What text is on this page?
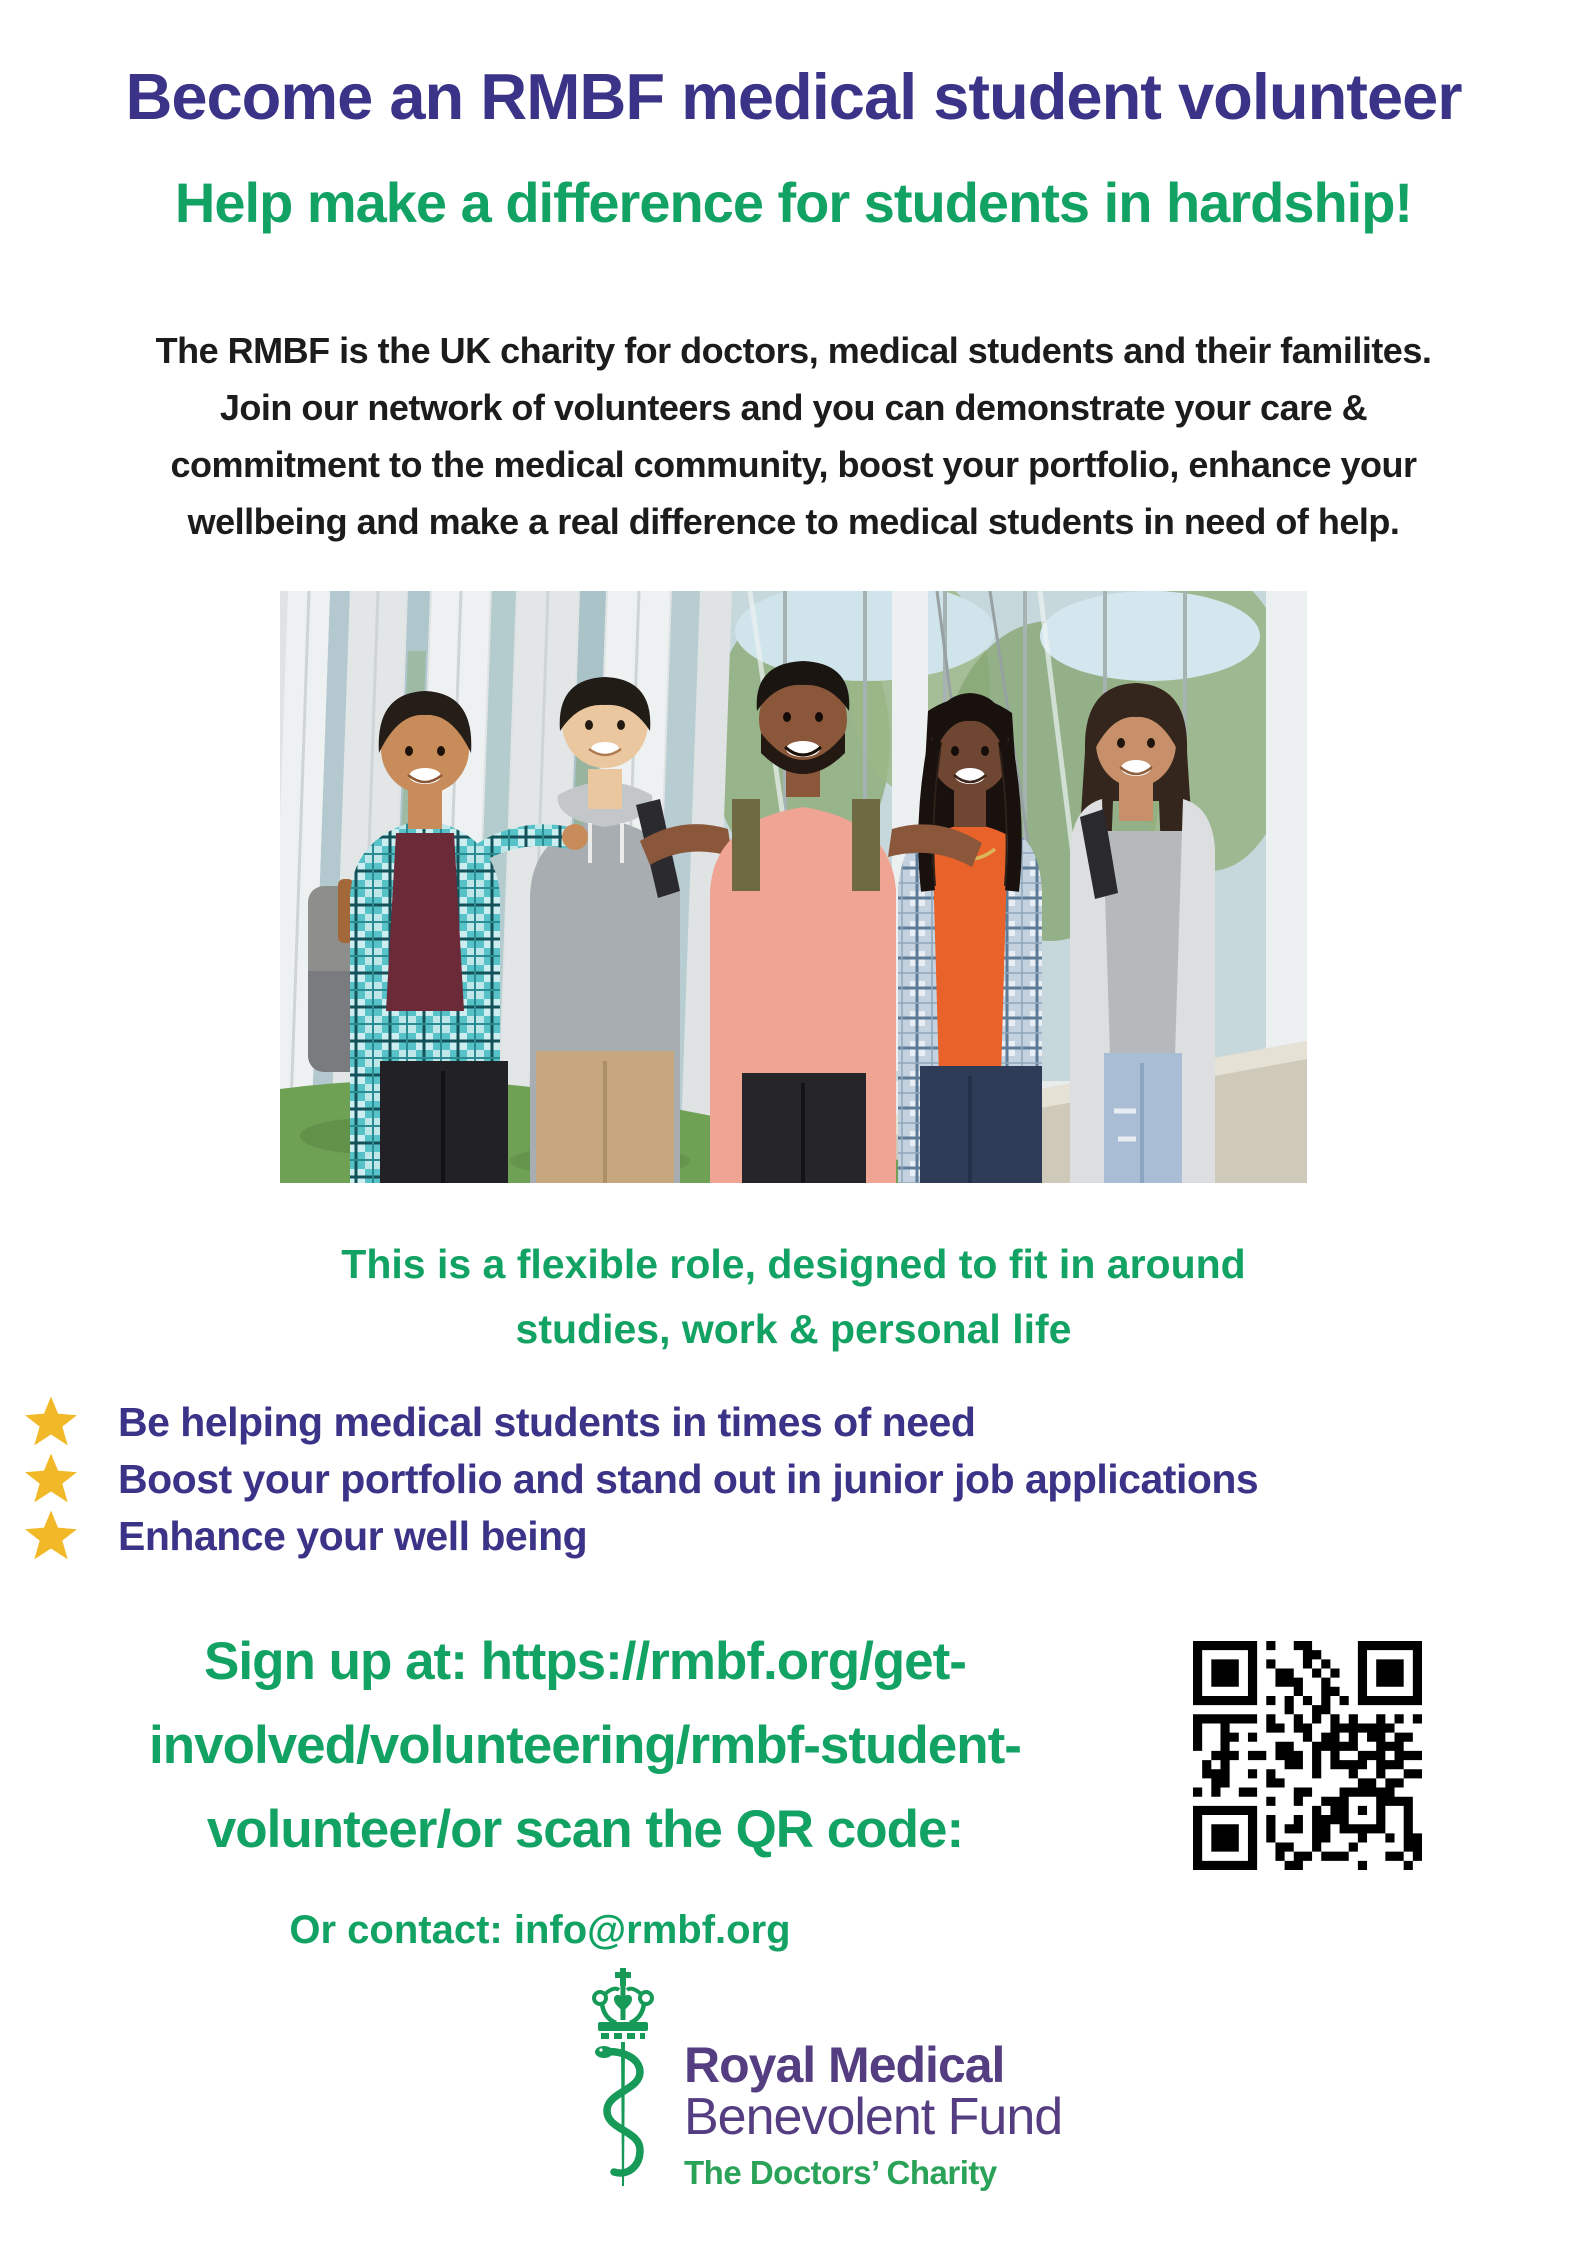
Become an RMBF medical student volunteer
Help make a difference for students in hardship!
The RMBF is the UK charity for doctors, medical students and their familites.
Join our network of volunteers and you can demonstrate your care &
commitment to the medical community, boost your portfolio, enhance your
wellbeing and make a real difference to medical students in need of help.
This is a flexible role, designed to fit in around
studies, work & personal life
Be helping medical students in times of need
Boost your portfolio and stand out in junior job applications
Enhance your well being
Sign up at: https://rmbf.org/get-
involved/volunteering/rmbf-student-
volunteer/or scan the QR code:
Or contact: info@rmbf.org
Royal Medical
Benevolent Fund
The Doctors’ Charity
